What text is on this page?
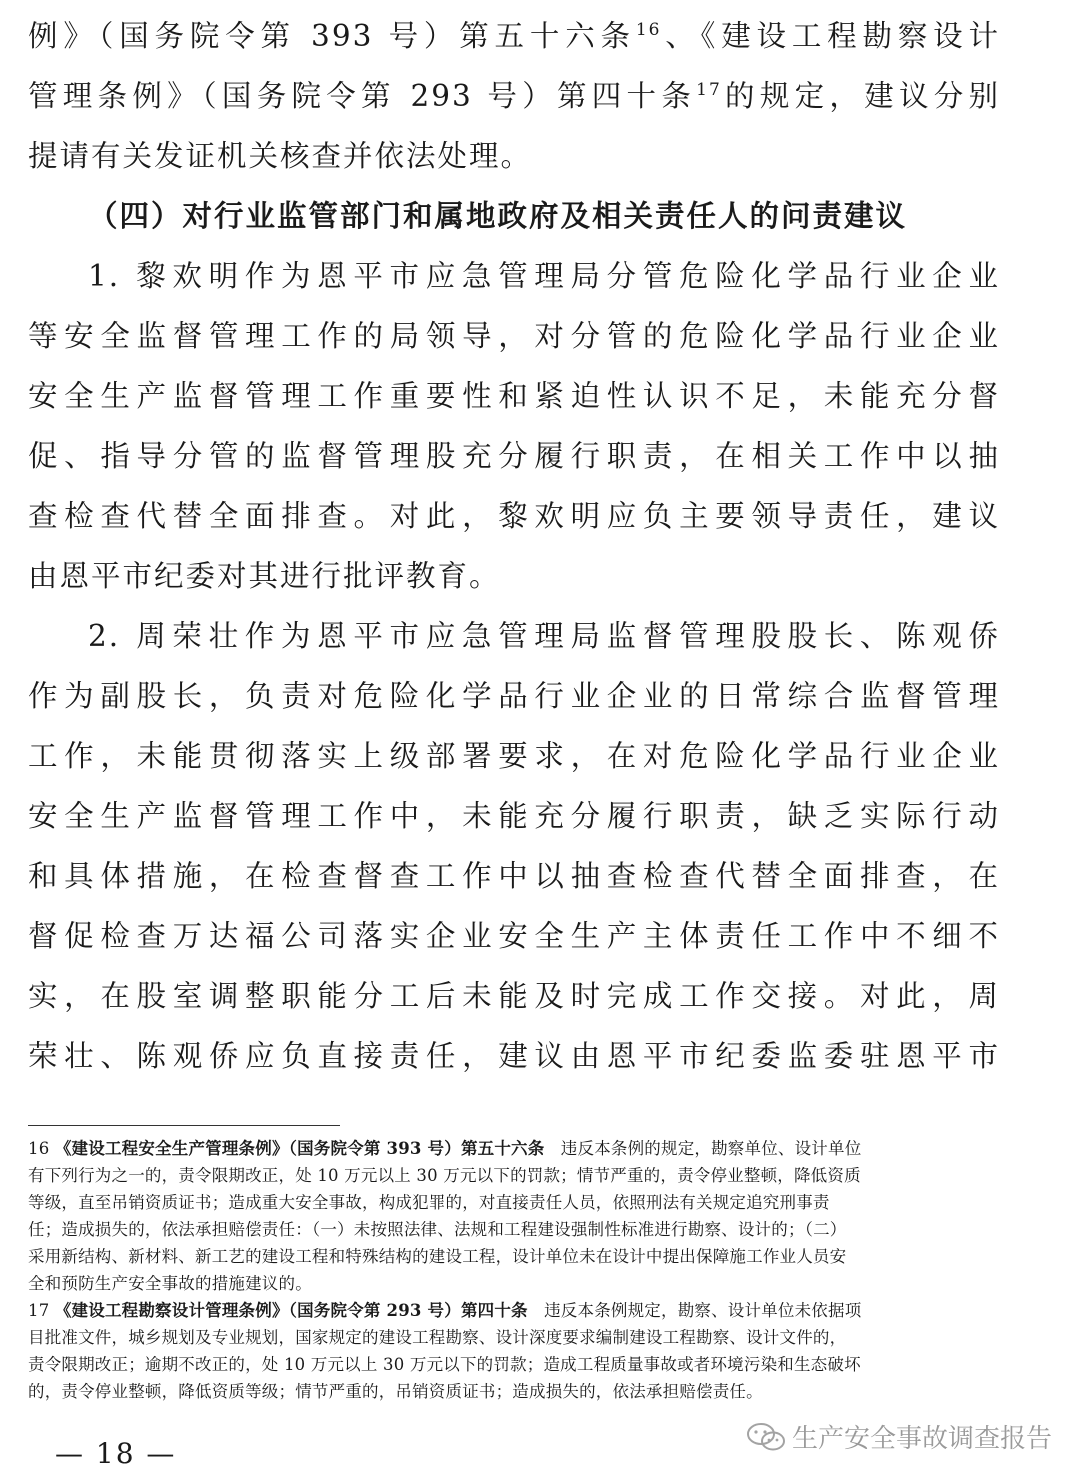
例》（国务院令第 393 号）第五十六条$^{16}$、《建设工程勘察设计
管理条例》（国务院令第 293 号）第四十条$^{17}$的规定，建议分别
提请有关发证机关核查并依法处理。
（四）对行业监管部门和属地政府及相关责任人的问责建议
1. 黎欢明作为恩平市应急管理局分管危险化学品行业企业
等安全监督管理工作的局领导，对分管的危险化学品行业企业
安全生产监督管理工作重要性和紧迫性认识不足，未能充分督
促、指导分管的监督管理股充分履行职责，在相关工作中以抽
查检查代替全面排查。对此，黎欢明应负主要领导责任，建议
由恩平市纪委对其进行批评教育。
2. 周荣壮作为恩平市应急管理局监督管理股股长、陈观侨
作为副股长，负责对危险化学品行业企业的日常综合监督管理
工作，未能贯彻落实上级部署要求，在对危险化学品行业企业
安全生产监督管理工作中，未能充分履行职责，缺乏实际行动
和具体措施，在检查督查工作中以抽查检查代替全面排查，在
督促检查万达福公司落实企业安全生产主体责任工作中不细不
实，在股室调整职能分工后未能及时完成工作交接。对此，周
荣壮、陈观侨应负直接责任，建议由恩平市纪委监委驻恩平市
16 《建设工程安全生产管理条例》（国务院令第 393 号）第五十六条 违反本条例的规定，勘察单位、设计单位
有下列行为之一的，责令限期改正，处 10 万元以上 30 万元以下的罚款；情节严重的，责令停业整顿，降低资质
等级，直至吊销资质证书；造成重大安全事故，构成犯罪的，对直接责任人员，依照刑法有关规定追究刑事责
任；造成损失的，依法承担赔偿责任：（一）未按照法律、法规和工程建设强制性标准进行勘察、设计的；（二）
采用新结构、新材料、新工艺的建设工程和特殊结构的建设工程，设计单位未在设计中提出保障施工作业人员安
全和预防生产安全事故的措施建议的。
17 《建设工程勘察设计管理条例》（国务院令第 293 号）第四十条 违反本条例规定，勘察、设计单位未依据项
目批准文件，城乡规划及专业规划，国家规定的建设工程勘察、设计深度要求编制建设工程勘察、设计文件的，
责令限期改正；逾期不改正的，处 10 万元以上 30 万元以下的罚款；造成工程质量事故或者环境污染和生态破坏
的，责令停业整顿，降低资质等级；情节严重的，吊销资质证书；造成损失的，依法承担赔偿责任。
— 18 —	生产安全事故调查报告
